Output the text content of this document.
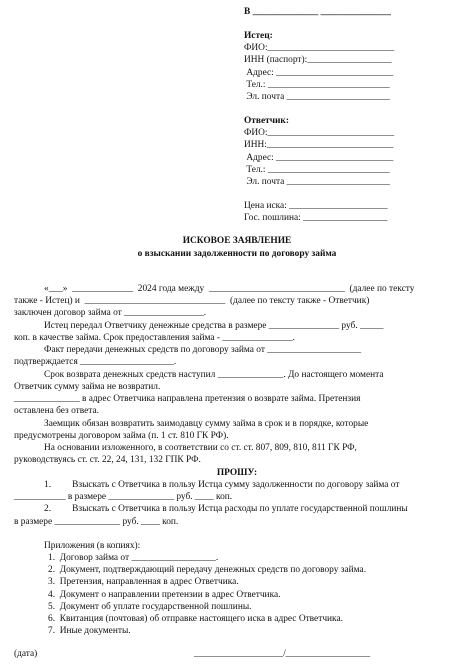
В ______________ _______________
Истец:
ФИО:___________________________
ИНН (паспорт):__________________
Адрес: _________________________
Тел.: __________________________
Эл. почта ______________________
Ответчик:
ФИО:___________________________
ИНН:___________________________
Адрес: _________________________
Тел.: __________________________
Эл. почта ______________________
Цена иска: _____________________
Гос. пошлина: __________________
ИСКОВОЕ ЗАЯВЛЕНИЕ
о взыскании задолженности по договору займа
«___»  _____________  2024 года между  _____________________________  (далее по тексту
также - Истец) и  ______________________________  (далее по тексту также - Ответчик)
заключен договор займа от _________________.
Истец передал Ответчику денежные средства в размере _______________ руб. _____
коп. в качестве займа. Срок предоставления займа - _______________.
Факт передачи денежных средств по договору займа от ____________________
подтверждается ____________________.
Срок возврата денежных средств наступил ______________. До настоящего момента
Ответчик сумму займа не возвратил.
______________ в адрес Ответчика направлена претензия о возврате займа. Претензия
оставлена без ответа.
Заемщик обязан возвратить заимодавцу сумму займа в срок и в порядке, которые
предусмотрены договором займа (п. 1 ст. 810 ГК РФ).
На основании изложенного, в соответствии со ст. ст. 807, 809, 810, 811 ГК РФ,
руководствуясь ст. ст. 22, 24, 131, 132 ГПК РФ.
ПРОШУ:
1.         Взыскать с Ответчика в пользу Истца сумму задолженности по договору займа от
___________ в размере ______________ руб. ____ коп.
2.         Взыскать с Ответчика в пользу Истца расходы по уплате государственной пошлины
в размере ______________ руб. ____ коп.
Приложения (в копиях):
1.  Договор займа от __________________.
2.  Документ, подтверждающий передачу денежных средств по договору займа.
3.  Претензия, направленная в адрес Ответчика.
4.  Документ о направлении претензии в адрес Ответчика.
5.  Документ об уплате государственной пошлины.
6.  Квитанция (почтовая) об отправке настоящего иска в адрес Ответчика.
7.  Иные документы.
(дата)	___________________/__________________
